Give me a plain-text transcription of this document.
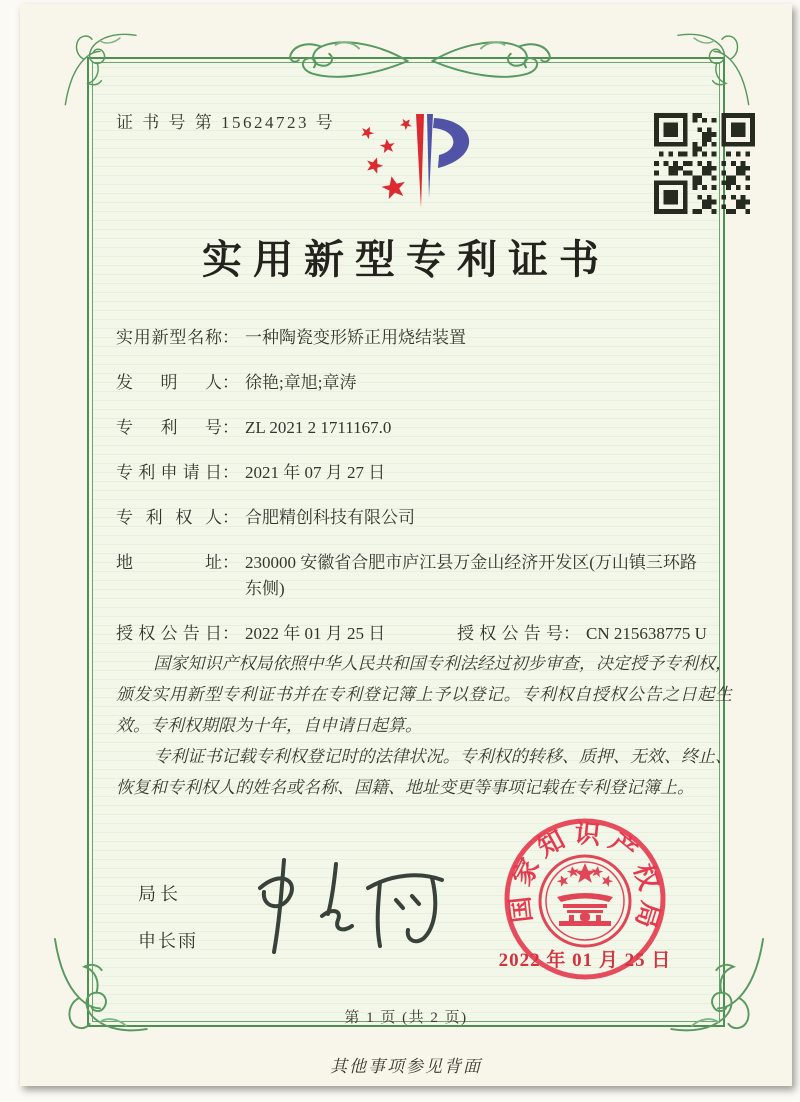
证 书 号 第 15624723 号
实用新型专利证书
实用新型名称： 一种陶瓷变形矫正用烧结装置
发明人： 徐艳;章旭;章涛
专利号： ZL 2021 2 1711167.0
专利申请日： 2021 年 07 月 27 日
专利权人： 合肥精创科技有限公司
地址： 230000 安徽省合肥市庐江县万金山经济开发区(万山镇三环路东侧)
授权公告日： 2022 年 01 月 25 日	授权公告号： CN 215638775 U

国家知识产权局依照中华人民共和国专利法经过初步审查，决定授予专利权，颁发实用新型专利证书并在专利登记簿上予以登记。专利权自授权公告之日起生效。专利权期限为十年，自申请日起算。

专利证书记载专利权登记时的法律状况。专利权的转移、质押、无效、终止、恢复和专利权人的姓名或名称、国籍、地址变更等事项记载在专利登记簿上。

局长
申长雨
国家知识产权局
2022 年 01 月 25 日
第 1 页 (共 2 页)
其他事项参见背面
